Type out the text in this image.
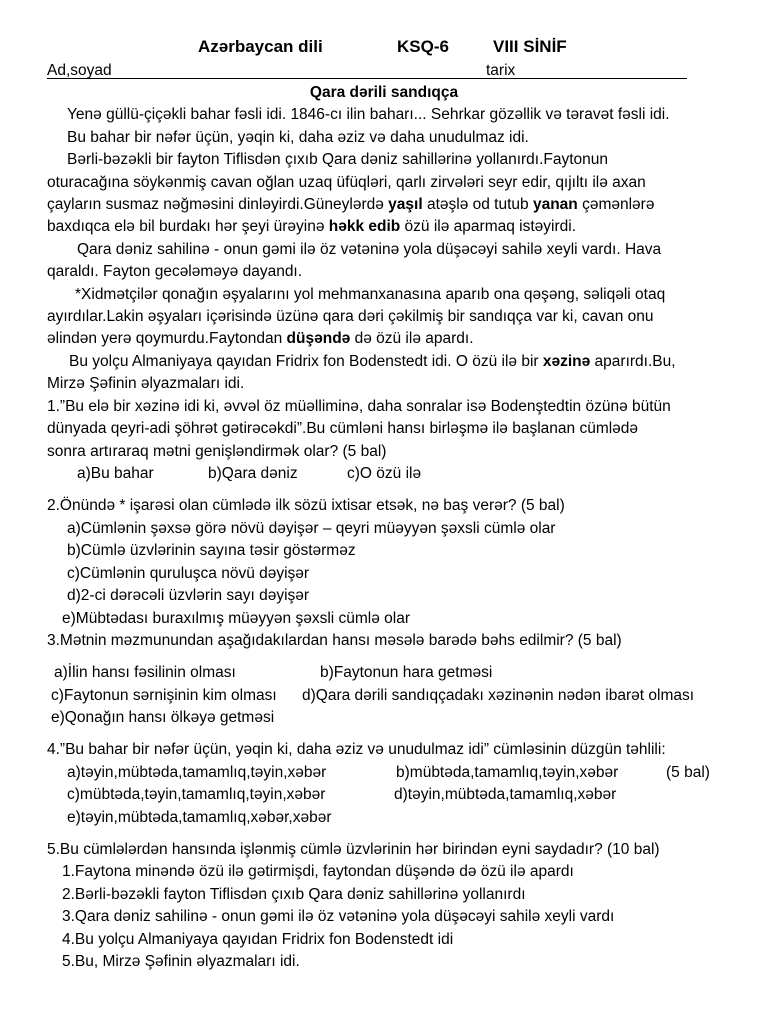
Azərbaycan dili	KSQ-6	VIII SİNİF
Ad,soyad	tarix
Qara dərili sandıqça
Yenə güllü-çiçəkli bahar fəsli idi. 1846-cı ilin baharı... Sehrkar gözəllik və təravət fəsli idi.
Bu bahar bir nəfər üçün, yəqin ki, daha əziz və daha unudulmaz idi.
Bərli-bəzəkli bir fayton Tiflisdən çıxıb Qara dəniz sahillərinə yollanırdı.Faytonun
oturacağına söykənmiş cavan oğlan uzaq üfüqləri, qarlı zirvələri seyr edir, qıjıltı ilə axan
çayların susmaz nəğməsini dinləyirdi.Güneylərdə yaşıl atəşlə od tutub yanan çəmənlərə
baxdıqca elə bil burdakı hər şeyi ürəyinə həkk edib özü ilə aparmaq istəyirdi.
Qara dəniz sahilinə - onun gəmi ilə öz vətəninə yola düşəcəyi sahilə xeyli vardı. Hava
qaraldı. Fayton gecələməyə dayandı.
*Xidmətçilər qonağın əşyalarını yol mehmanxanasına aparıb ona qəşəng, səliqəli otaq
ayırdılar.Lakin əşyaları içərisində üzünə qara dəri çəkilmiş bir sandıqça var ki, cavan onu
əlindən yerə qoymurdu.Faytondan düşəndə də özü ilə apardı.
Bu yolçu Almaniyaya qayıdan Fridrix fon Bodenstedt idi. O özü ilə bir xəzinə aparırdı.Bu,
Mirzə Şəfinin əlyazmaları idi.
1.”Bu elə bir xəzinə idi ki, əvvəl öz müəlliminə, daha sonralar isə Bodenştedtin özünə bütün
dünyada qeyri-adi şöhrət gətirəcəkdi”.Bu cümləni hansı birləşmə ilə başlanan cümlədə
sonra artıraraq mətni genişləndirmək olar? (5 bal)
a)Bu bahar	b)Qara dəniz	c)O özü ilə
2.Önündə * işarəsi olan cümlədə ilk sözü ixtisar etsək, nə baş verər? (5 bal)
a)Cümlənin şəxsə görə növü dəyişər – qeyri müəyyən şəxsli cümlə olar
b)Cümlə üzvlərinin sayına təsir göstərməz
c)Cümlənin quruluşca növü dəyişər
d)2-ci dərəcəli üzvlərin sayı dəyişər
e)Mübtədası buraxılmış müəyyən şəxsli cümlə olar
3.Mətnin məzmunundan aşağıdakılardan hansı məsələ barədə bəhs edilmir? (5 bal)
a)İlin hansı fəsilinin olması	b)Faytonun hara getməsi
c)Faytonun sərnişinin kim olması d)Qara dərili sandıqçadakı xəzinənin nədən ibarət olması
e)Qonağın hansı ölkəyə getməsi
4.”Bu bahar bir nəfər üçün, yəqin ki, daha əziz və unudulmaz idi” cümləsinin düzgün təhlili:
a)təyin,mübtəda,tamamlıq,təyin,xəbər	b)mübtəda,tamamlıq,təyin,xəbər	(5 bal)
c)mübtəda,təyin,tamamlıq,təyin,xəbər	d)təyin,mübtəda,tamamlıq,xəbər
e)təyin,mübtəda,tamamlıq,xəbər,xəbər
5.Bu cümlələrdən hansında işlənmiş cümlə üzvlərinin hər birindən eyni saydadır? (10 bal)
1.Faytona minəndə özü ilə gətirmişdi, faytondan düşəndə də özü ilə apardı
2.Bərli-bəzəkli fayton Tiflisdən çıxıb Qara dəniz sahillərinə yollanırdı
3.Qara dəniz sahilinə - onun gəmi ilə öz vətəninə yola düşəcəyi sahilə xeyli vardı
4.Bu yolçu Almaniyaya qayıdan Fridrix fon Bodenstedt idi
5.Bu, Mirzə Şəfinin əlyazmaları idi.
